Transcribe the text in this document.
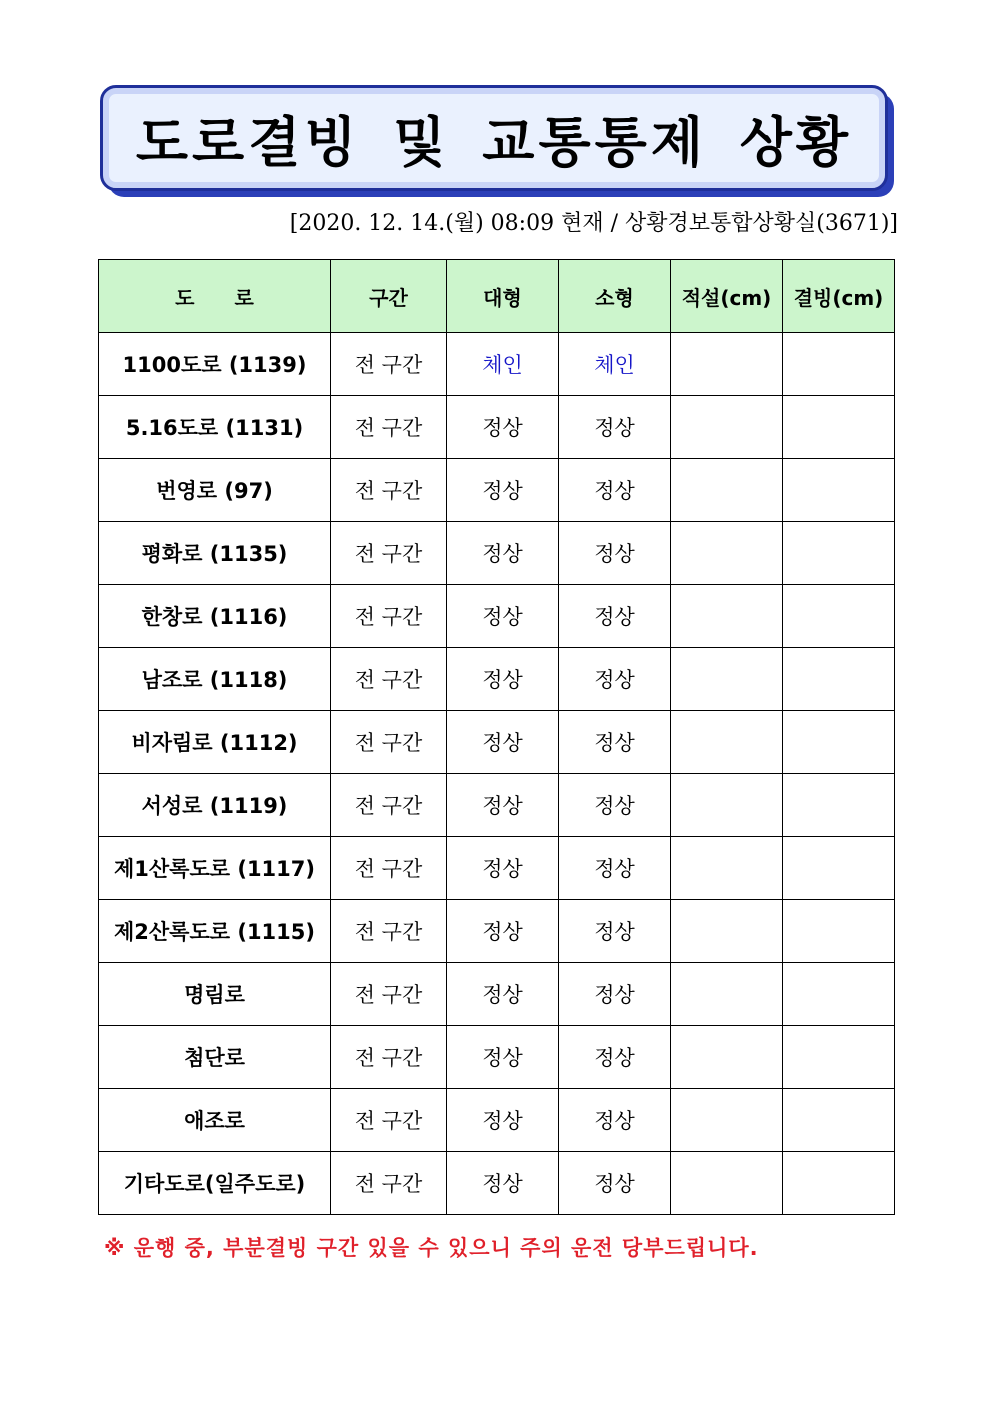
도로결빙 및 교통통제 상황
[2020. 12. 14.(월) 08:09 현재 / 상황경보통합상황실(3671)]
도　　로	구간	대형	소형	적설(cm)	결빙(cm)
1100도로 (1139)	전 구간	체인	체인		
5.16도로 (1131)	전 구간	정상	정상		
번영로 (97)	전 구간	정상	정상		
평화로 (1135)	전 구간	정상	정상		
한창로 (1116)	전 구간	정상	정상		
남조로 (1118)	전 구간	정상	정상		
비자림로 (1112)	전 구간	정상	정상		
서성로 (1119)	전 구간	정상	정상		
제1산록도로 (1117)	전 구간	정상	정상		
제2산록도로 (1115)	전 구간	정상	정상		
명림로	전 구간	정상	정상		
첨단로	전 구간	정상	정상		
애조로	전 구간	정상	정상		
기타도로(일주도로)	전 구간	정상	정상		
※ 운행 중, 부분결빙 구간 있을 수 있으니 주의 운전 당부드립니다.
